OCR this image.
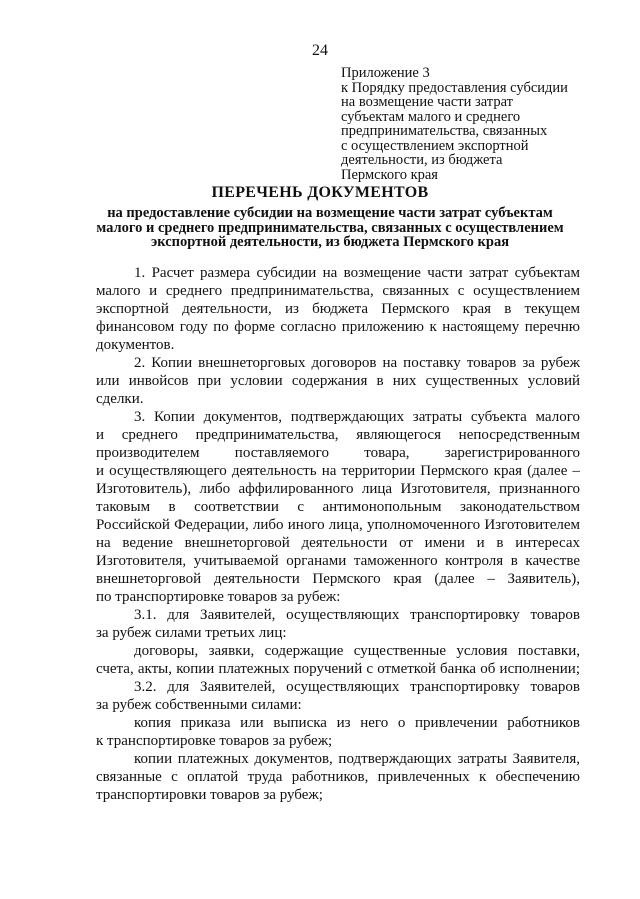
24
Приложение 3
к Порядку предоставления субсидии
на возмещение части затрат
субъектам малого и среднего
предпринимательства, связанных
с осуществлением экспортной
деятельности, из бюджета
Пермского края
ПЕРЕЧЕНЬ ДОКУМЕНТОВ
на предоставление субсидии на возмещение части затрат субъектам
малого и среднего предпринимательства, связанных с осуществлением
экспортной деятельности, из бюджета Пермского края
1. Расчет размера субсидии на возмещение части затрат субъектам
малого и среднего предпринимательства, связанных с осуществлением
экспортной деятельности, из бюджета Пермского края в текущем
финансовом году по форме согласно приложению к настоящему перечню
документов.
2. Копии внешнеторговых договоров на поставку товаров за рубеж
или инвойсов при условии содержания в них существенных условий
сделки.
3. Копии документов, подтверждающих затраты субъекта малого
и среднего предпринимательства, являющегося непосредственным
производителем поставляемого товара, зарегистрированного
и осуществляющего деятельность на территории Пермского края (далее –
Изготовитель), либо аффилированного лица Изготовителя, признанного
таковым в соответствии с антимонопольным законодательством
Российской Федерации, либо иного лица, уполномоченного Изготовителем
на ведение внешнеторговой деятельности от имени и в интересах
Изготовителя, учитываемой органами таможенного контроля в качестве
внешнеторговой деятельности Пермского края (далее – Заявитель),
по транспортировке товаров за рубеж:
3.1. для Заявителей, осуществляющих транспортировку товаров
за рубеж силами третьих лиц:
договоры, заявки, содержащие существенные условия поставки,
счета, акты, копии платежных поручений с отметкой банка об исполнении;
3.2. для Заявителей, осуществляющих транспортировку товаров
за рубеж собственными силами:
копия приказа или выписка из него о привлечении работников
к транспортировке товаров за рубеж;
копии платежных документов, подтверждающих затраты Заявителя,
связанные с оплатой труда работников, привлеченных к обеспечению
транспортировки товаров за рубеж;
